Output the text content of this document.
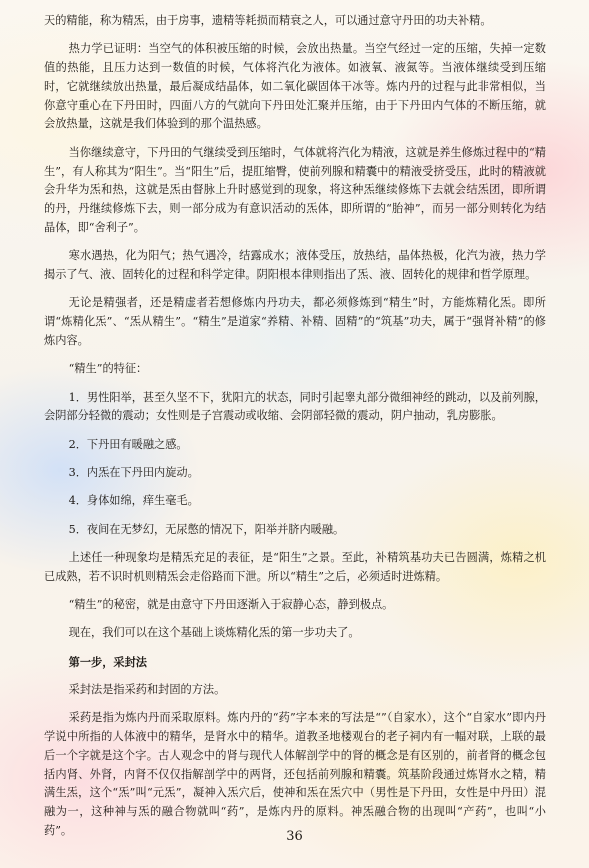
天的精能，称为精炁，由于房事，遗精等耗损而精衰之人，可以通过意守丹田的功夫补精。

热力学已证明：当空气的体积被压缩的时候，会放出热量。当空气经过一定的压缩，失掉一定数值的热能，且压力达到一数值的时候，气体将汽化为液体。如液氧、液氮等。当液体继续受到压缩时，它就继续放出热量，最后凝成结晶体，如二氧化碳固体干冰等。炼内丹的过程与此非常相似，当你意守重心在下丹田时，四面八方的气就向下丹田处汇聚并压缩，由于下丹田内气体的不断压缩，就会放热量，这就是我们体验到的那个温热感。

当你继续意守，下丹田的气继续受到压缩时，气体就将汽化为精液，这就是养生修炼过程中的“精生”，有人称其为“阳生”。当“阳生”后，提肛缩臀，使前列腺和精囊中的精液受挤受压，此时的精液就会升华为炁和热，这就是炁由督脉上升时感觉到的现象，将这种炁继续修炼下去就会结炁团，即所谓的丹，丹继续修炼下去，则一部分成为有意识活动的炁体，即所谓的“胎神”，而另一部分则转化为结晶体，即“舍利子”。

寒水遇热，化为阳气；热气遇冷，结露成水；液体受压，放热结，晶体热极，化汽为液，热力学揭示了气、液、固转化的过程和科学定律。阴阳根本律则指出了炁、液、固转化的规律和哲学原理。

无论是精强者，还是精虚者若想修炼内丹功夫，都必须修炼到“精生”时，方能炼精化炁。即所谓“炼精化炁”、“炁从精生”。“精生”是道家“养精、补精、固精”的“筑基”功夫，属于“强肾补精”的修炼内容。

“精生”的特征：

1．男性阳举，甚至久坚不下，犹阳亢的状态，同时引起睾丸部分微细神经的跳动，以及前列腺，会阴部分轻微的震动；女性则是子宫震动或收缩、会阴部轻微的震动，阴户抽动，乳房膨胀。

2．下丹田有暖融之感。

3．内炁在下丹田内旋动。

4．身体如绵，痒生毫毛。

5．夜间在无梦幻，无尿憋的情况下，阳举并脐内暖融。

上述任一种现象均是精炁充足的表征，是“阳生”之景。至此，补精筑基功夫已告圆满，炼精之机已成熟，若不识时机则精炁会走俗路而下泄。所以“精生”之后，必须适时进炼精。

“精生”的秘密，就是由意守下丹田逐渐入于寂静心态，静到极点。

现在，我们可以在这个基础上谈炼精化炁的第一步功夫了。

第一步，采封法

采封法是指采药和封固的方法。

采药是指为炼内丹而采取原料。炼内丹的“药”字本来的写法是“”（自家水），这个“自家水”即内丹学说中所指的人体液中的精华，是肾水中的精华。道教圣地楼观台的老子祠内有一幅对联，上联的最后一个字就是这个字。古人观念中的肾与现代人体解剖学中的肾的概念是有区别的，前者肾的概念包括内肾、外肾，内肾不仅仅指解剖学中的两肾，还包括前列腺和精囊。筑基阶段通过炼肾水之精，精满生炁，这个“炁”叫“元炁”，凝神入炁穴后，使神和炁在炁穴中（男性是下丹田，女性是中丹田）混融为一，这种神与炁的融合物就叫“药”，是炼内丹的原料。神炁融合物的出现叫“产药”，也叫“小药”。	36
